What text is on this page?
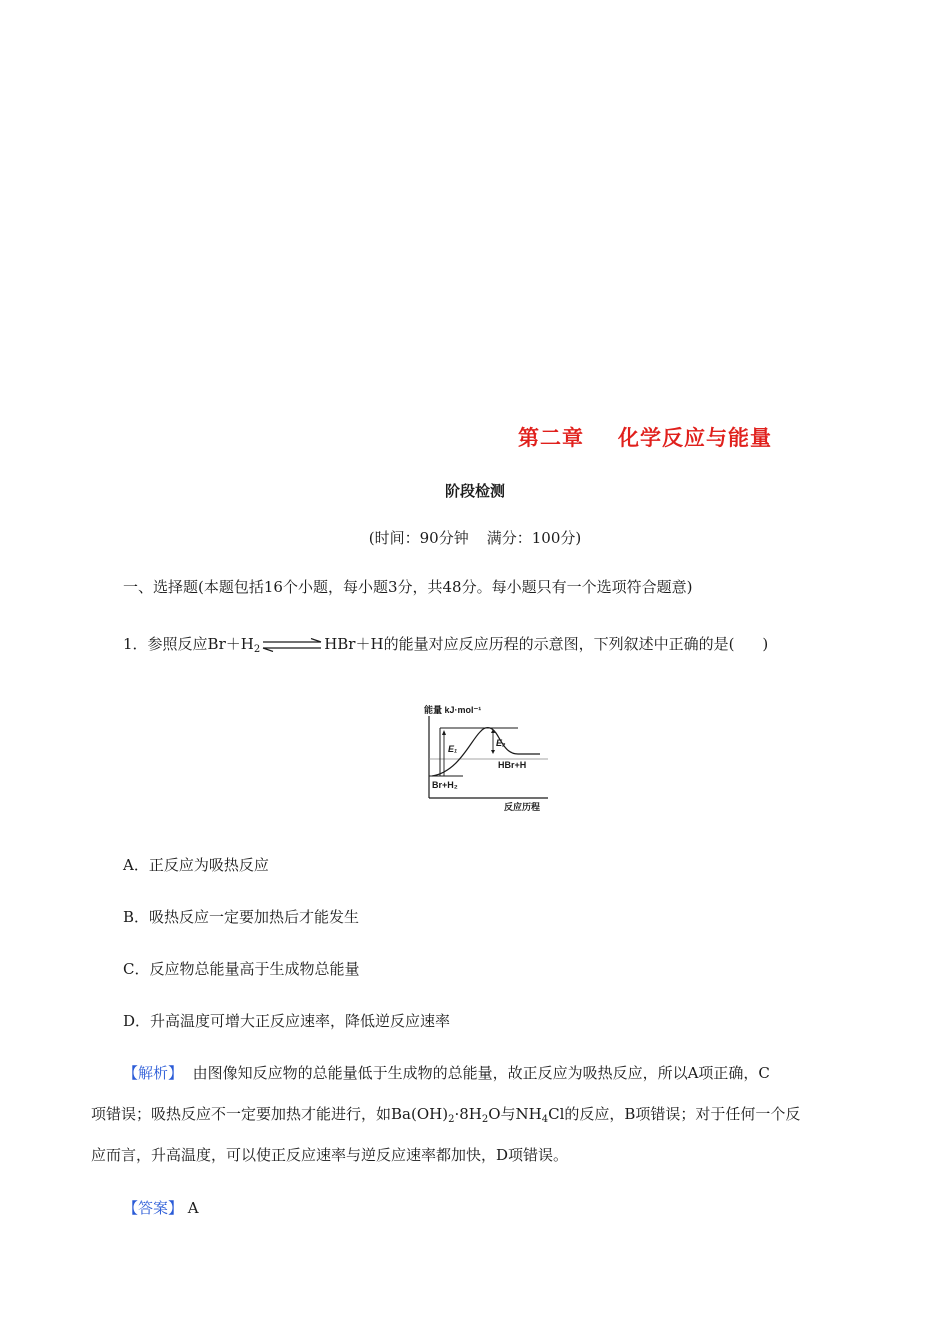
第二章 化学反应与能量
阶段检测
(时间：90分钟 满分：100分)
一、选择题(本题包括16个小题，每小题3分，共48分。每小题只有一个选项符合题意)
1．参照反应$Br+H_2$	HBr＋H的能量对应反应历程的示意图，下列叙述中正确的是( )
能量 kJ·mol⁻¹
E₁
E₂
HBr+H
Br+H₂
反应历程
A．正反应为吸热反应
B．吸热反应一定要加热后才能发生
C．反应物总能量高于生成物总能量
D．升高温度可增大正反应速率，降低逆反应速率
【解析】 由图像知反应物的总能量低于生成物的总能量，故正反应为吸热反应，所以A项正确，C
项错误；吸热反应不一定要加热才能进行，如$Ba(OH)_2\cdot 8H_2O$与$NH_4Cl$的反应，B项错误；对于任何一个反
应而言，升高温度，可以使正反应速率与逆反应速率都加快，D项错误。
【答案】 A
